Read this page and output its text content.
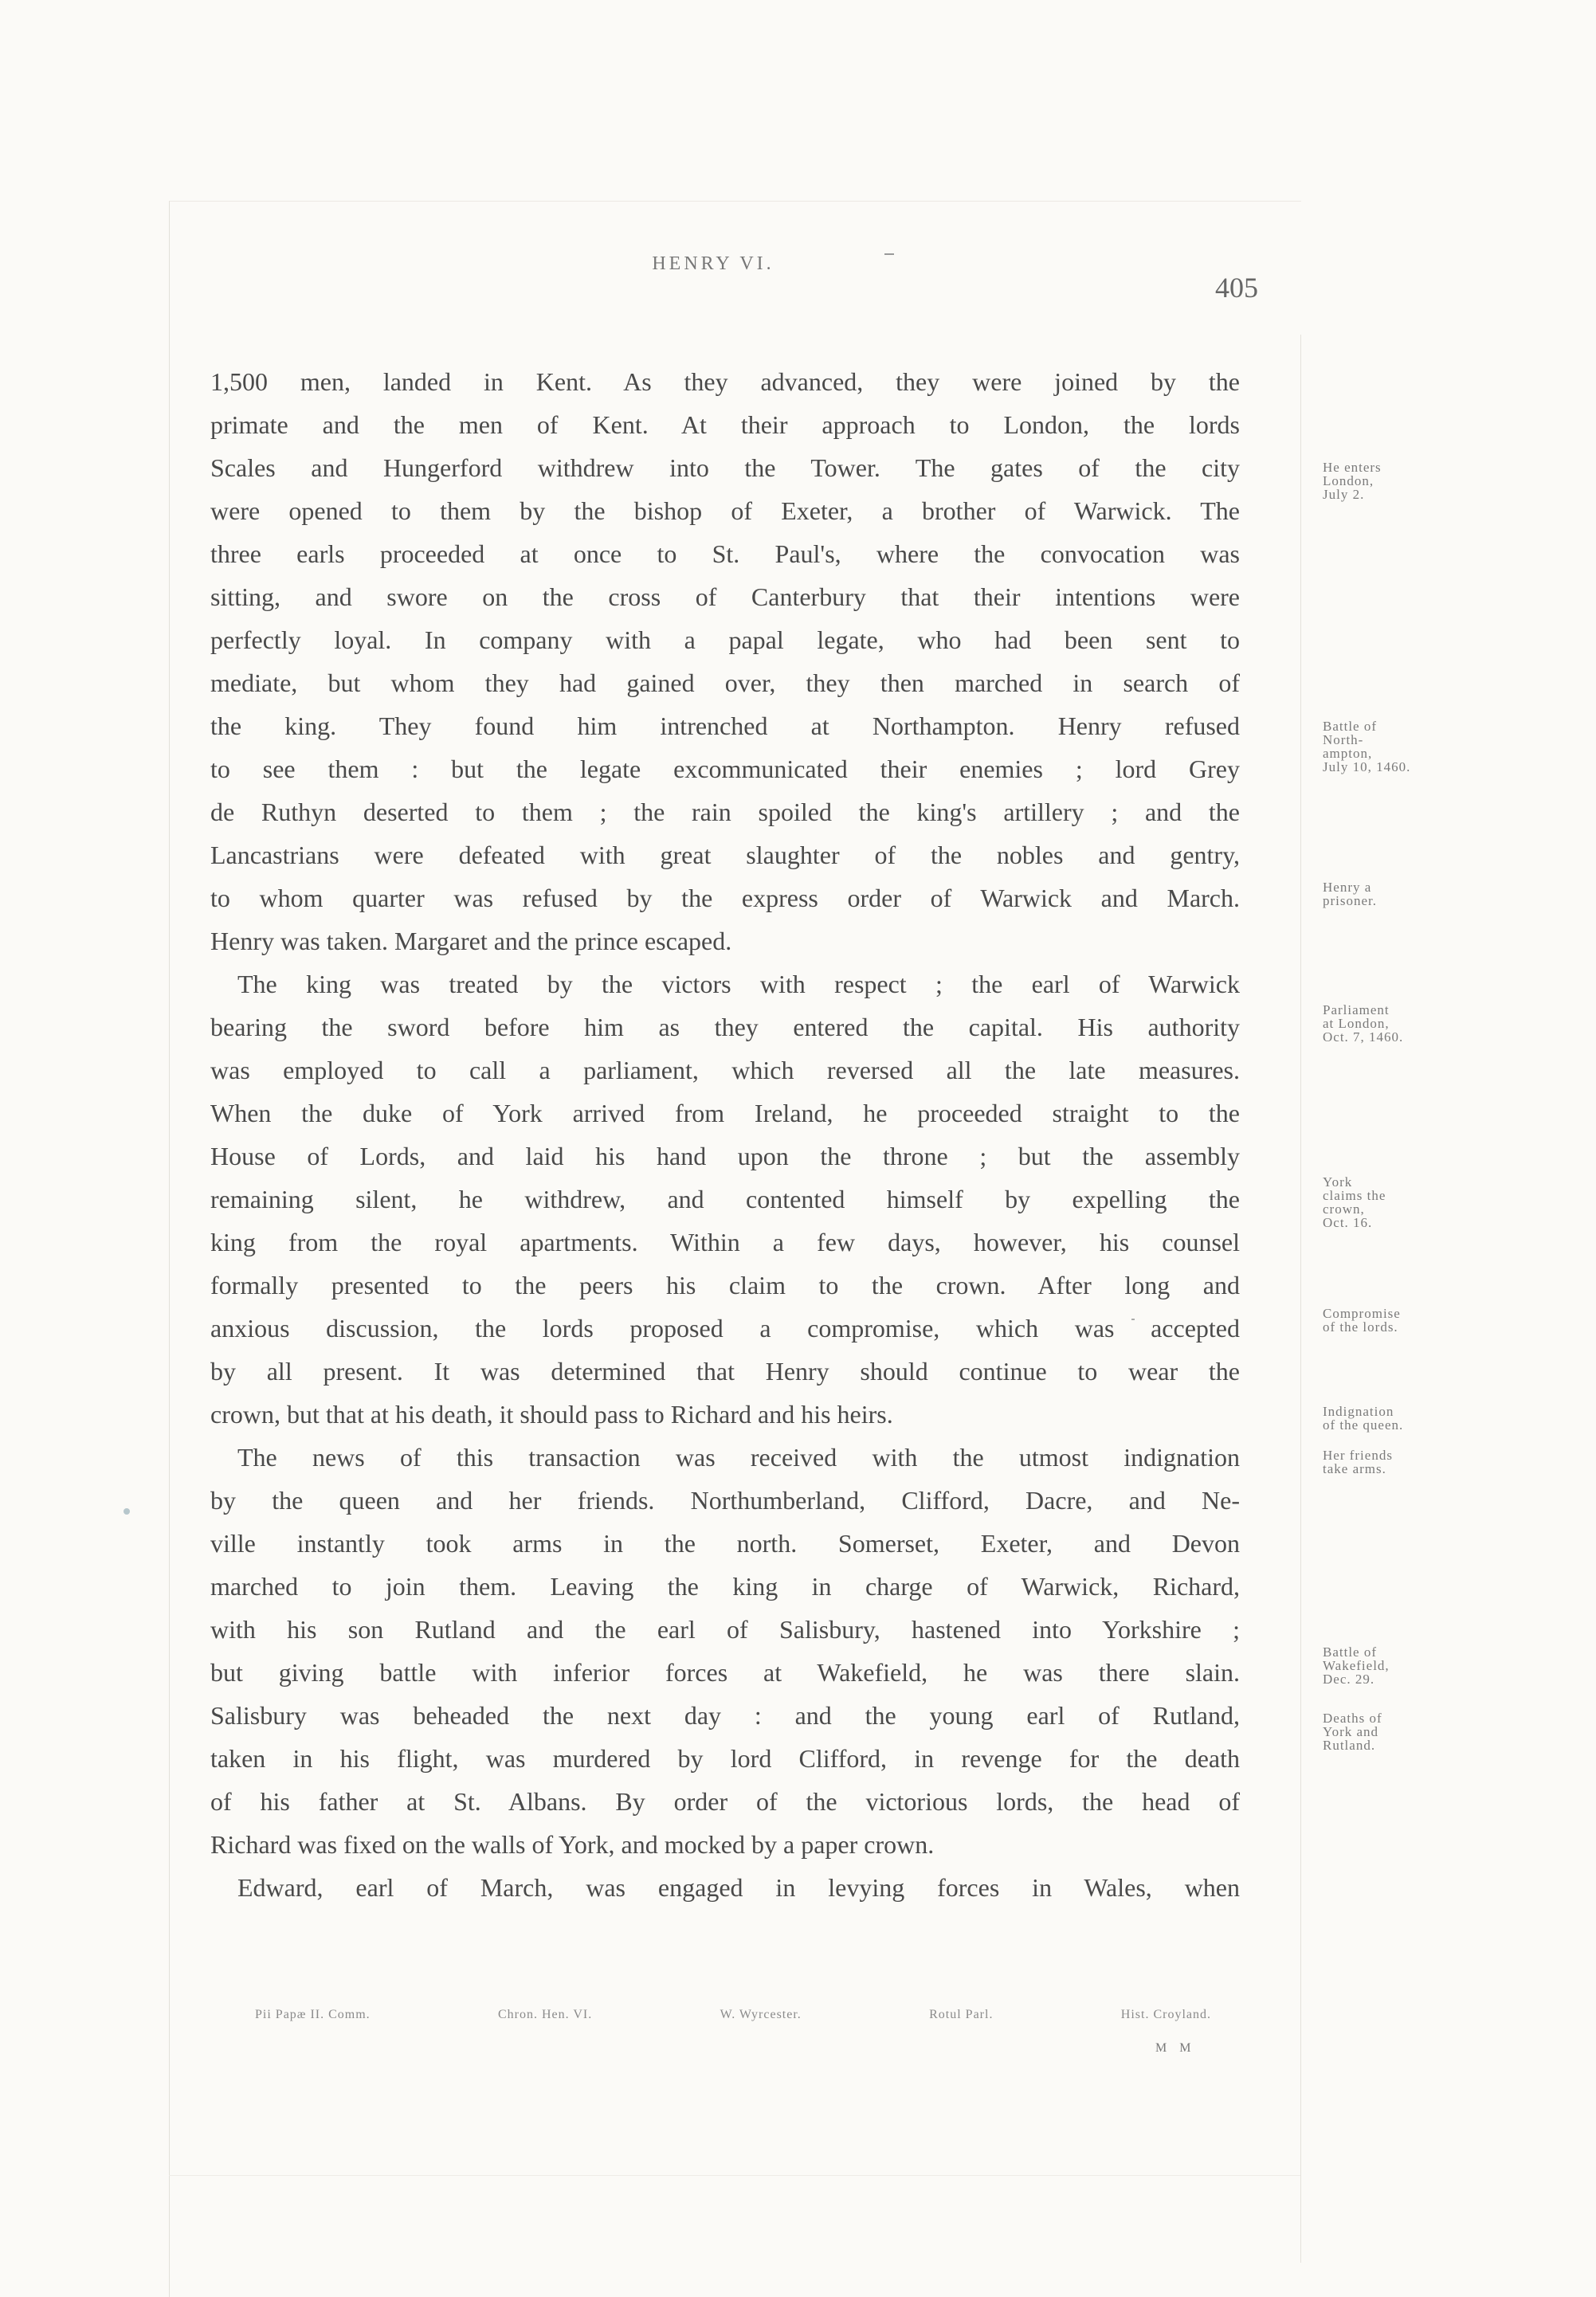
HENRY VI.
405
1,500 men, landed in Kent. As they advanced, they were joined by the
primate and the men of Kent. At their approach to London, the lords
Scales and Hungerford withdrew into the Tower. The gates of the city
were opened to them by the bishop of Exeter, a brother of Warwick. The
three earls proceeded at once to St. Paul's, where the convocation was
sitting, and swore on the cross of Canterbury that their intentions were
perfectly loyal. In company with a papal legate, who had been sent to
mediate, but whom they had gained over, they then marched in search of
the king. They found him intrenched at Northampton. Henry refused
to see them : but the legate excommunicated their enemies ; lord Grey
de Ruthyn deserted to them ; the rain spoiled the king's artillery ; and the
Lancastrians were defeated with great slaughter of the nobles and gentry,
to whom quarter was refused by the express order of Warwick and March.
Henry was taken. Margaret and the prince escaped.
The king was treated by the victors with respect ; the earl of Warwick
bearing the sword before him as they entered the capital. His authority
was employed to call a parliament, which reversed all the late measures.
When the duke of York arrived from Ireland, he proceeded straight to the
House of Lords, and laid his hand upon the throne ; but the assembly
remaining silent, he withdrew, and contented himself by expelling the
king from the royal apartments. Within a few days, however, his counsel
formally presented to the peers his claim to the crown. After long and
anxious discussion, the lords proposed a compromise, which was accepted
by all present. It was determined that Henry should continue to wear the
crown, but that at his death, it should pass to Richard and his heirs.
The news of this transaction was received with the utmost indignation
by the queen and her friends. Northumberland, Clifford, Dacre, and Ne-
ville instantly took arms in the north. Somerset, Exeter, and Devon
marched to join them. Leaving the king in charge of Warwick, Richard,
with his son Rutland and the earl of Salisbury, hastened into Yorkshire ;
but giving battle with inferior forces at Wakefield, he was there slain.
Salisbury was beheaded the next day : and the young earl of Rutland,
taken in his flight, was murdered by lord Clifford, in revenge for the death
of his father at St. Albans. By order of the victorious lords, the head of
Richard was fixed on the walls of York, and mocked by a paper crown.
Edward, earl of March, was engaged in levying forces in Wales, when
He enters
London,
July 2.
Battle of
North-
ampton,
July 10, 1460.
Henry a
prisoner.
Parliament
at London,
Oct. 7, 1460.
York
claims the
crown,
Oct. 16.
Compromise
of the lords.
Indignation
of the queen.
Her friends
take arms.
Battle of
Wakefield,
Dec. 29.
Deaths of
York and
Rutland.
Pii Papæ II. Comm.	Chron. Hen. VI.	W. Wyrcester.	Rotul Parl.	Hist. Croyland.
M M
